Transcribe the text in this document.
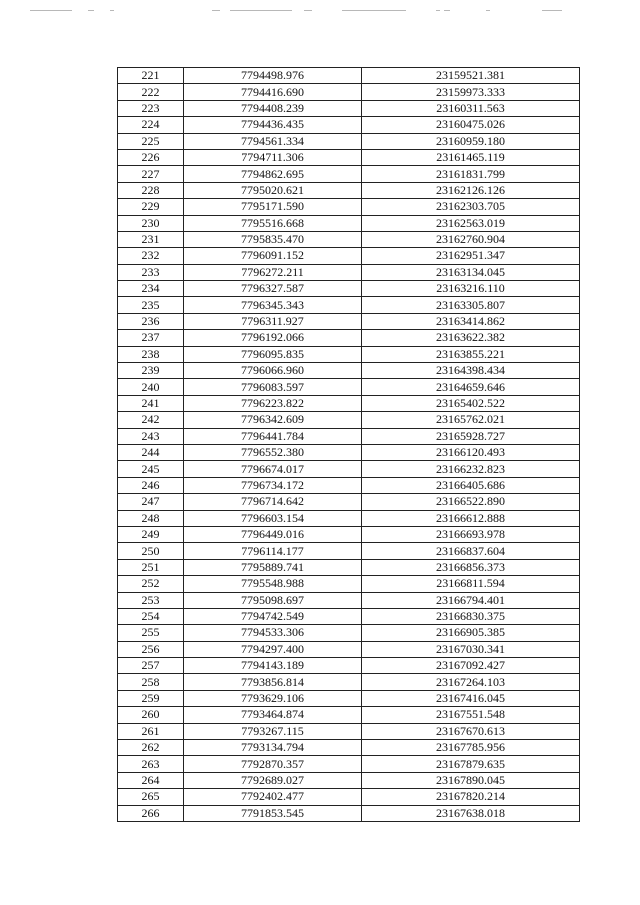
221	7794498.976	23159521.381
222	7794416.690	23159973.333
223	7794408.239	23160311.563
224	7794436.435	23160475.026
225	7794561.334	23160959.180
226	7794711.306	23161465.119
227	7794862.695	23161831.799
228	7795020.621	23162126.126
229	7795171.590	23162303.705
230	7795516.668	23162563.019
231	7795835.470	23162760.904
232	7796091.152	23162951.347
233	7796272.211	23163134.045
234	7796327.587	23163216.110
235	7796345.343	23163305.807
236	7796311.927	23163414.862
237	7796192.066	23163622.382
238	7796095.835	23163855.221
239	7796066.960	23164398.434
240	7796083.597	23164659.646
241	7796223.822	23165402.522
242	7796342.609	23165762.021
243	7796441.784	23165928.727
244	7796552.380	23166120.493
245	7796674.017	23166232.823
246	7796734.172	23166405.686
247	7796714.642	23166522.890
248	7796603.154	23166612.888
249	7796449.016	23166693.978
250	7796114.177	23166837.604
251	7795889.741	23166856.373
252	7795548.988	23166811.594
253	7795098.697	23166794.401
254	7794742.549	23166830.375
255	7794533.306	23166905.385
256	7794297.400	23167030.341
257	7794143.189	23167092.427
258	7793856.814	23167264.103
259	7793629.106	23167416.045
260	7793464.874	23167551.548
261	7793267.115	23167670.613
262	7793134.794	23167785.956
263	7792870.357	23167879.635
264	7792689.027	23167890.045
265	7792402.477	23167820.214
266	7791853.545	23167638.018
